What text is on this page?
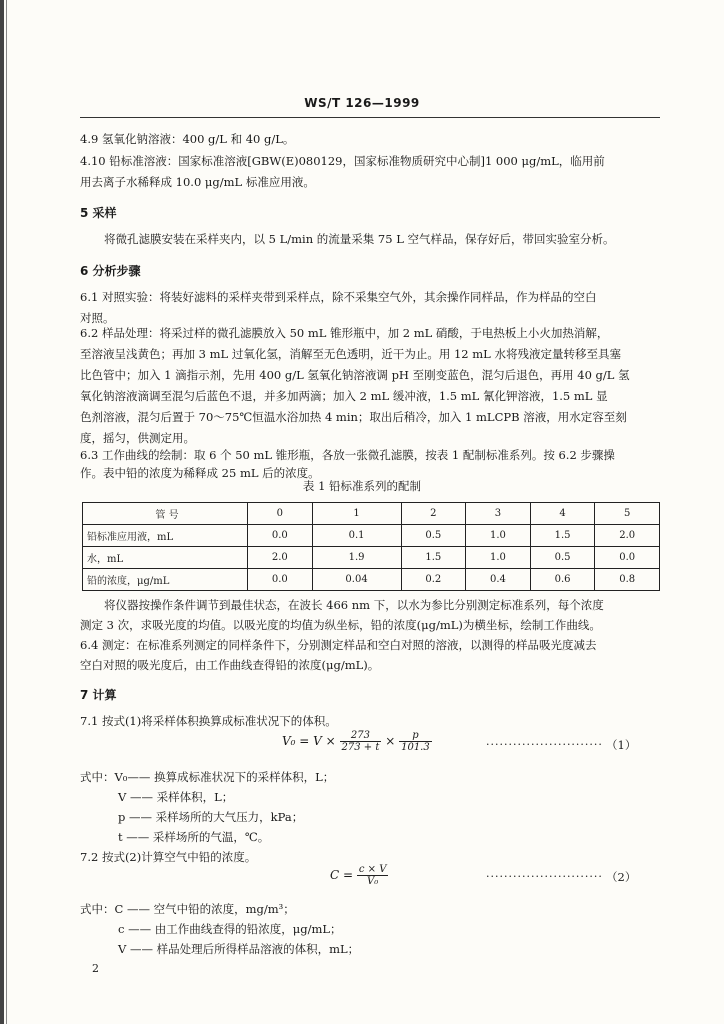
WS/T 126—1999
4.9 氢氧化钠溶液：400 g/L 和 40 g/L。
4.10 铅标准溶液：国家标准溶液[GBW(E)080129，国家标准物质研究中心制]1 000 μg/mL，临用前
用去离子水稀释成 10.0 μg/mL 标准应用液。
5 采样
将微孔滤膜安装在采样夹内，以 5 L/min 的流量采集 75 L 空气样品，保存好后，带回实验室分析。
6 分析步骤
6.1 对照实验：将装好滤料的采样夹带到采样点，除不采集空气外，其余操作同样品，作为样品的空白
对照。
6.2 样品处理：将采过样的微孔滤膜放入 50 mL 锥形瓶中，加 2 mL 硝酸，于电热板上小火加热消解，
至溶液呈浅黄色；再加 3 mL 过氧化氢，消解至无色透明，近干为止。用 12 mL 水将残液定量转移至具塞
比色管中；加入 1 滴指示剂，先用 400 g/L 氢氧化钠溶液调 pH 至刚变蓝色，混匀后退色，再用 40 g/L 氢
氧化钠溶液滴调至混匀后蓝色不退，并多加两滴；加入 2 mL 缓冲液，1.5 mL 氰化钾溶液，1.5 mL 显
色剂溶液，混匀后置于 70～75℃恒温水浴加热 4 min；取出后稍冷，加入 1 mLCPB 溶液，用水定容至刻
度，摇匀，供测定用。
6.3 工作曲线的绘制：取 6 个 50 mL 锥形瓶，各放一张微孔滤膜，按表 1 配制标准系列。按 6.2 步骤操
作。表中铅的浓度为稀释成 25 mL 后的浓度。
表 1 铅标准系列的配制
管 号	0	1	2	3	4	5
铅标准应用液，mL	0.0	0.1	0.5	1.0	1.5	2.0
水，mL	2.0	1.9	1.5	1.0	0.5	0.0
铅的浓度，μg/mL	0.0	0.04	0.2	0.4	0.6	0.8
将仪器按操作条件调节到最佳状态，在波长 466 nm 下，以水为参比分别测定标准系列，每个浓度
测定 3 次，求吸光度的均值。以吸光度的均值为纵坐标，铅的浓度(μg/mL)为横坐标，绘制工作曲线。
6.4 测定：在标准系列测定的同样条件下，分别测定样品和空白对照的溶液，以测得的样品吸光度减去
空白对照的吸光度后，由工作曲线查得铅的浓度(μg/mL)。
7 计算
7.1 按式(1)将采样体积换算成标准状况下的体积。
$V_0 = V \times \frac{273}{273 + t} \times \frac{p}{101.3}$	·························· （1）
式中：V₀—— 换算成标准状况下的采样体积，L；
V —— 采样体积，L；
p —— 采样场所的大气压力，kPa；
t —— 采样场所的气温，℃。
7.2 按式(2)计算空气中铅的浓度。
$C = \frac{c \times V}{\text{V₀}}$	·························· （2）
式中：C —— 空气中铅的浓度，mg/m³；
c —— 由工作曲线查得的铅浓度，μg/mL；
V —— 样品处理后所得样品溶液的体积，mL；
2
